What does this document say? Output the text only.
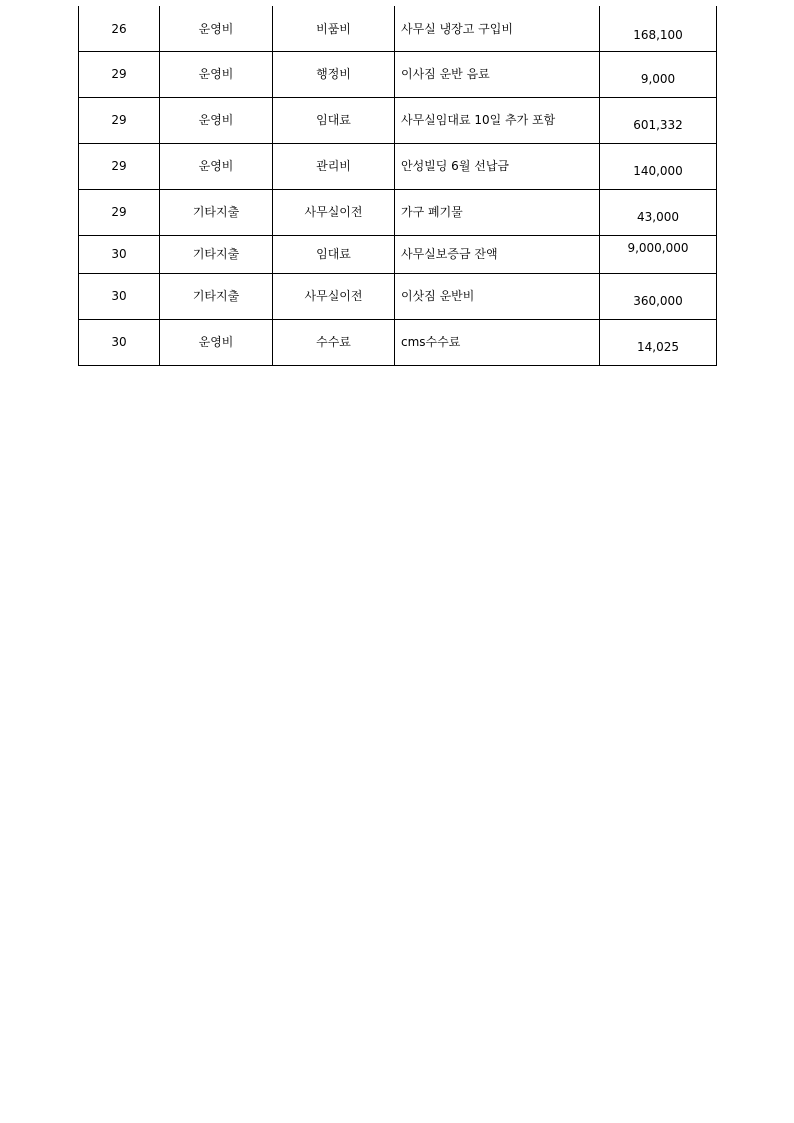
26	운영비	비품비	사무실 냉장고 구입비	168,100
29	운영비	행정비	이사짐 운반 음료	9,000
29	운영비	임대료	사무실임대료 10일 추가 포함	601,332
29	운영비	관리비	안성빌딩 6월 선납금	140,000
29	기타지출	사무실이전	가구 폐기물	43,000
30	기타지출	임대료	사무실보증금 잔액	9,000,000
30	기타지출	사무실이전	이삿짐 운반비	360,000
30	운영비	수수료	cms수수료	14,025
